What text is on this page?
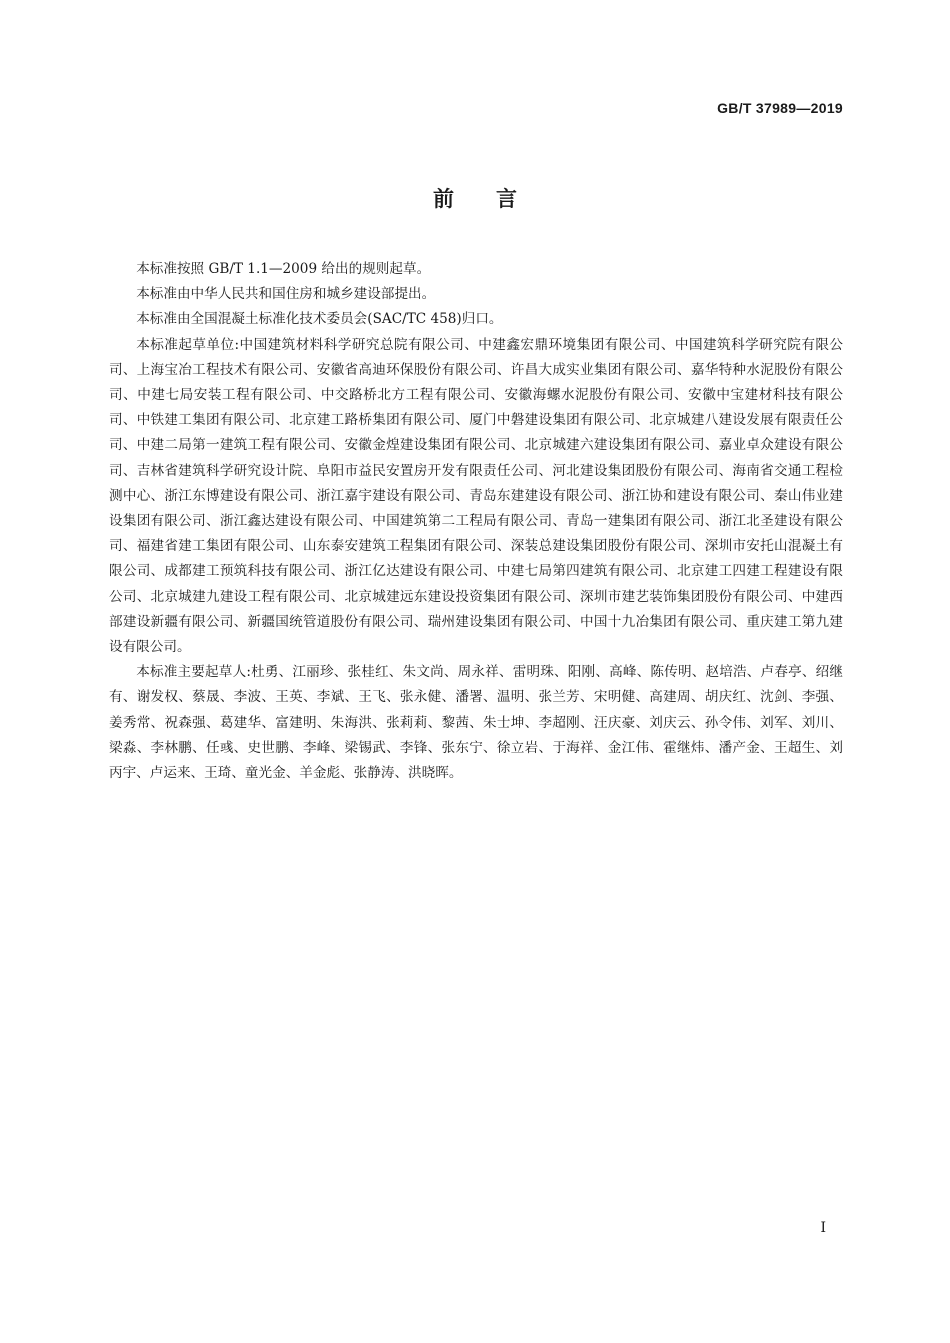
GB/T 37989—2019
前言

本标准按照 GB/T 1.1—2009 给出的规则起草。

本标准由中华人民共和国住房和城乡建设部提出。

本标准由全国混凝土标准化技术委员会(SAC/TC 458)归口。

本标准起草单位:中国建筑材料科学研究总院有限公司、中建鑫宏鼎环境集团有限公司、中国建筑科学研究院有限公司、上海宝冶工程技术有限公司、安徽省高迪环保股份有限公司、许昌大成实业集团有限公司、嘉华特种水泥股份有限公司、中建七局安装工程有限公司、中交路桥北方工程有限公司、安徽海螺水泥股份有限公司、安徽中宝建材科技有限公司、中铁建工集团有限公司、北京建工路桥集团有限公司、厦门中磐建设集团有限公司、北京城建八建设发展有限责任公司、中建二局第一建筑工程有限公司、安徽金煌建设集团有限公司、北京城建六建设集团有限公司、嘉业卓众建设有限公司、吉林省建筑科学研究设计院、阜阳市益民安置房开发有限责任公司、河北建设集团股份有限公司、海南省交通工程检测中心、浙江东博建设有限公司、浙江嘉宇建设有限公司、青岛东建建设有限公司、浙江协和建设有限公司、秦山伟业建设集团有限公司、浙江鑫达建设有限公司、中国建筑第二工程局有限公司、青岛一建集团有限公司、浙江北圣建设有限公司、福建省建工集团有限公司、山东泰安建筑工程集团有限公司、深装总建设集团股份有限公司、深圳市安托山混凝土有限公司、成都建工预筑科技有限公司、浙江亿达建设有限公司、中建七局第四建筑有限公司、北京建工四建工程建设有限公司、北京城建九建设工程有限公司、北京城建远东建设投资集团有限公司、深圳市建艺装饰集团股份有限公司、中建西部建设新疆有限公司、新疆国统管道股份有限公司、瑞州建设集团有限公司、中国十九冶集团有限公司、重庆建工第九建设有限公司。

本标准主要起草人:杜勇、江丽珍、张桂红、朱文尚、周永祥、雷明珠、阳刚、高峰、陈传明、赵培浩、卢春亭、绍继有、谢发权、蔡晟、李波、王英、李斌、王飞、张永健、潘署、温明、张兰芳、宋明健、高建周、胡庆红、沈剑、李强、姜秀常、祝森强、葛建华、富建明、朱海洪、张莉莉、黎茜、朱士坤、李超刚、汪庆豪、刘庆云、孙令伟、刘军、刘川、梁淼、李林鹏、任彧、史世鹏、李峰、梁锡武、李锋、张东宁、徐立岩、于海祥、金江伟、霍继炜、潘产金、王超生、刘丙宇、卢运来、王琦、童光金、羊金彪、张静涛、洪晓晖。

I
